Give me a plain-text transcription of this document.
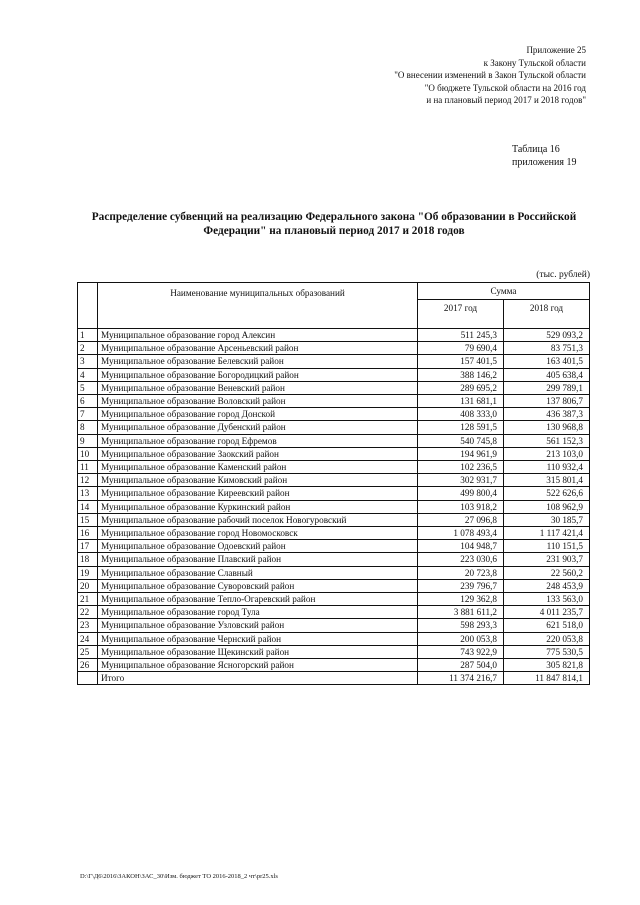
Приложение 25
к Закону Тульской области
"О внесении изменений в Закон Тульской области
"О бюджете Тульской области на 2016 год
и на плановый период 2017 и 2018 годов"
Таблица 16
приложения 19
Распределение субвенций на реализацию Федерального закона "Об образовании в Российской Федерации" на плановый период 2017 и 2018 годов
(тыс. рублей)
	Наименование муниципальных образований	Сумма	
		2017 год	2018 год
1	Муниципальное образование город Алексин	511 245,3	529 093,2
2	Муниципальное образование Арсеньевский район	79 690,4	83 751,3
3	Муниципальное образование Белевский район	157 401,5	163 401,5
4	Муниципальное образование Богородицкий район	388 146,2	405 638,4
5	Муниципальное образование Веневский район	289 695,2	299 789,1
6	Муниципальное образование Воловский район	131 681,1	137 806,7
7	Муниципальное образование город Донской	408 333,0	436 387,3
8	Муниципальное образование Дубенский район	128 591,5	130 968,8
9	Муниципальное образование город Ефремов	540 745,8	561 152,3
10	Муниципальное образование Заокский район	194 961,9	213 103,0
11	Муниципальное образование Каменский район	102 236,5	110 932,4
12	Муниципальное образование Кимовский район	302 931,7	315 801,4
13	Муниципальное образование Киреевский район	499 800,4	522 626,6
14	Муниципальное образование Куркинский район	103 918,2	108 962,9
15	Муниципальное образование рабочий поселок Новогуровский	27 096,8	30 185,7
16	Муниципальное образование город Новомосковск	1 078 493,4	1 117 421,4
17	Муниципальное образование Одоевский район	104 948,7	110 151,5
18	Муниципальное образование Плавский район	223 030,6	231 903,7
19	Муниципальное образование Славный	20 723,8	22 560,2
20	Муниципальное образование Суворовский район	239 796,7	248 453,9
21	Муниципальное образование Тепло-Огаревский район	129 362,8	133 563,0
22	Муниципальное образование город Тула	3 881 611,2	4 011 235,7
23	Муниципальное образование Узловский район	598 293,3	621 518,0
24	Муниципальное образование Чернский район	200 053,8	220 053,8
25	Муниципальное образование Щекинский район	743 922,9	775 530,5
26	Муниципальное образование Ясногорский район	287 504,0	305 821,8
	Итого	11 374 216,7	11 847 814,1
D:\Г\Д6\2016\ЗАКОН\ЗАС_30\Изм. бюджет ТО 2016-2018_2 чт\pr25.xls
